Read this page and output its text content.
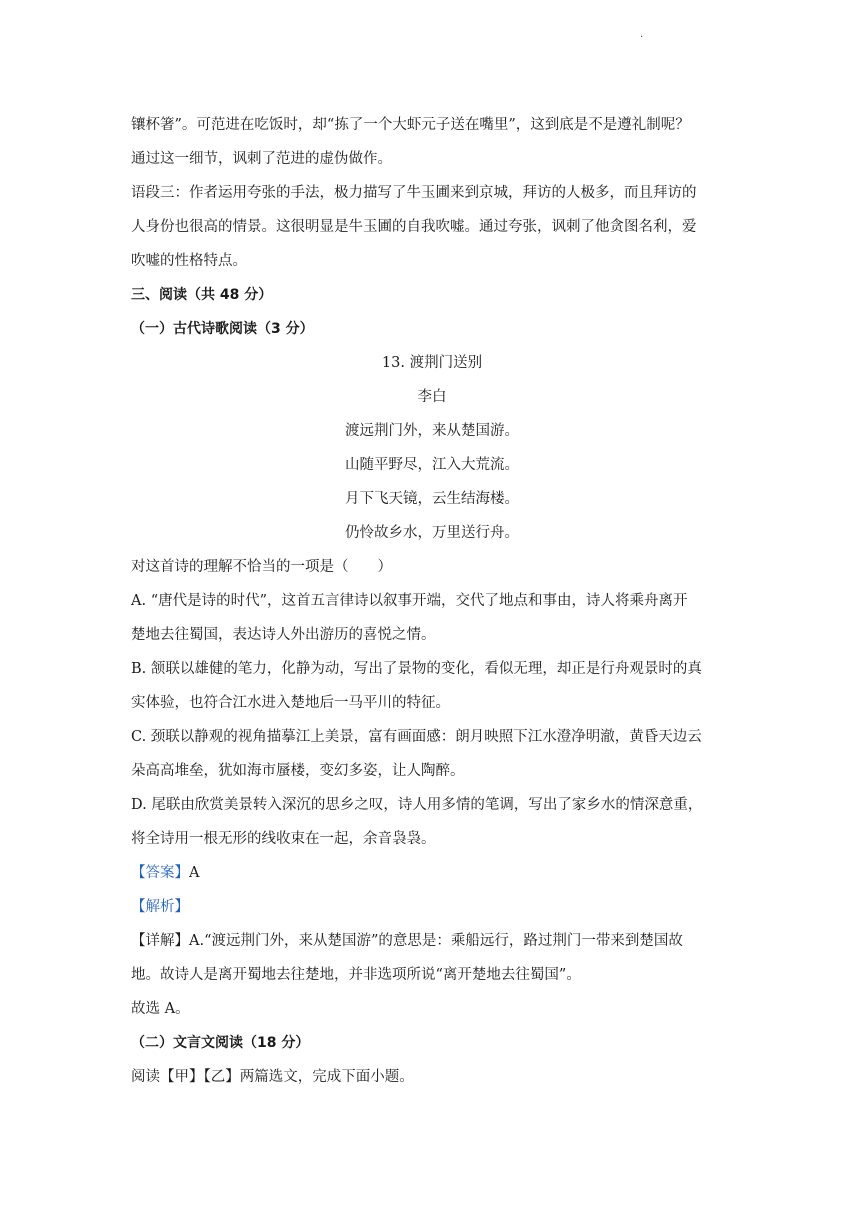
·

镶杯箸”。可范进在吃饭时，却“拣了一个大虾元子送在嘴里”，这到底是不是遵礼制呢？

通过这一细节，讽刺了范进的虚伪做作。

语段三：作者运用夸张的手法，极力描写了牛玉圃来到京城，拜访的人极多，而且拜访的

人身份也很高的情景。这很明显是牛玉圃的自我吹嘘。通过夸张，讽刺了他贪图名利，爱

吹嘘的性格特点。

三、阅读（共 48 分）

（一）古代诗歌阅读（3 分）

13. 渡荆门送别

李白

渡远荆门外，来从楚国游。

山随平野尽，江入大荒流。

月下飞天镜，云生结海楼。

仍怜故乡水，万里送行舟。

对这首诗的理解不恰当的一项是（　　）

A. “唐代是诗的时代”，这首五言律诗以叙事开端，交代了地点和事由，诗人将乘舟离开

楚地去往蜀国，表达诗人外出游历的喜悦之情。

B. 颔联以雄健的笔力，化静为动，写出了景物的变化，看似无理，却正是行舟观景时的真

实体验，也符合江水进入楚地后一马平川的特征。

C. 颈联以静观的视角描摹江上美景，富有画面感：朗月映照下江水澄净明澈，黄昏天边云

朵高高堆垒，犹如海市蜃楼，变幻多姿，让人陶醉。

D. 尾联由欣赏美景转入深沉的思乡之叹，诗人用多情的笔调，写出了家乡水的情深意重，

将全诗用一根无形的线收束在一起，余音袅袅。

【答案】A

【解析】

【详解】A.“渡远荆门外，来从楚国游”的意思是：乘船远行，路过荆门一带来到楚国故

地。故诗人是离开蜀地去往楚地，并非选项所说“离开楚地去往蜀国”。

故选 A。

（二）文言文阅读（18 分）

阅读【甲】【乙】两篇选文，完成下面小题。
